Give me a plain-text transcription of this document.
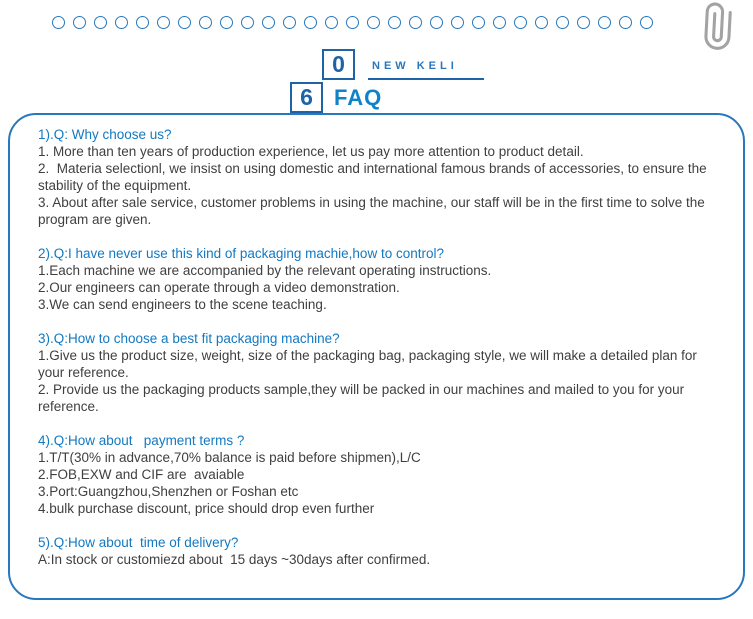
0	NEW KELI
6 FAQ
1).Q: Why choose us?
1. More than ten years of production experience, let us pay more attention to product detail.
2.  Materia selectionl, we insist on using domestic and international famous brands of accessories, to ensure the stability of the equipment.
3. About after sale service, customer problems in using the machine, our staff will be in the first time to solve the program are given.
2).Q:I have never use this kind of packaging machie,how to control?
1.Each machine we are accompanied by the relevant operating instructions.
2.Our engineers can operate through a video demonstration.
3.We can send engineers to the scene teaching.
3).Q:How to choose a best fit packaging machine?
1.Give us the product size, weight, size of the packaging bag, packaging style, we will make a detailed plan for your reference.
2. Provide us the packaging products sample,they will be packed in our machines and mailed to you for your reference.
4).Q:How about   payment terms ?
1.T/T(30% in advance,70% balance is paid before shipmen),L/C
2.FOB,EXW and CIF are  avaiable
3.Port:Guangzhou,Shenzhen or Foshan etc
4.bulk purchase discount, price should drop even further
5).Q:How about  time of delivery?
A:In stock or customiezd about  15 days ~30days after confirmed.
